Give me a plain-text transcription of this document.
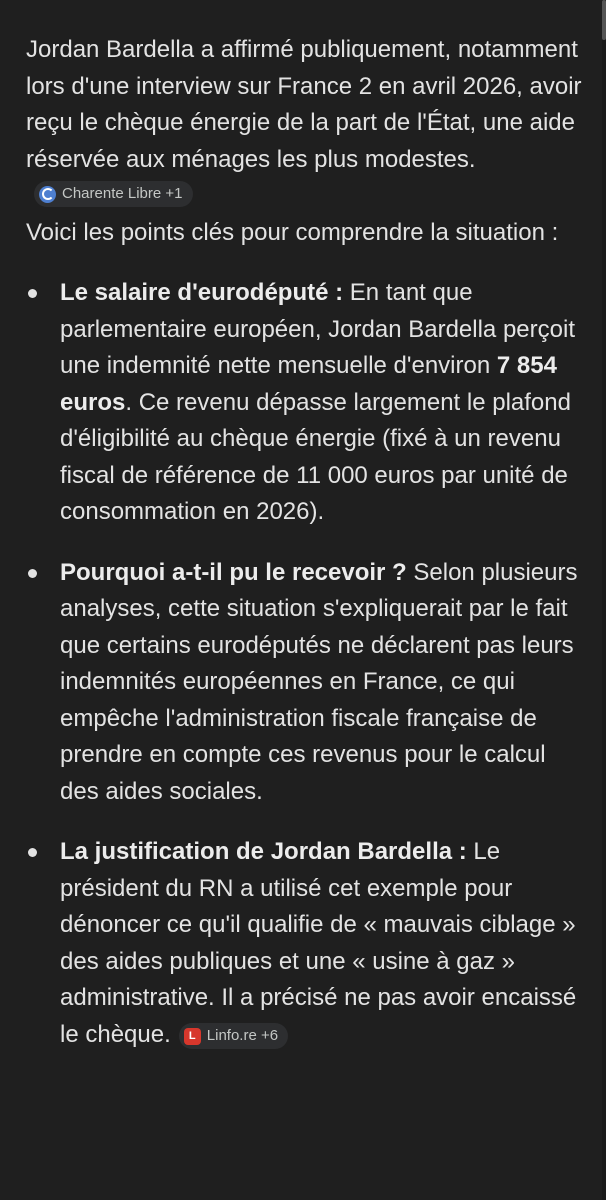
Jordan Bardella a affirmé publiquement, notamment lors d'une interview sur France 2 en avril 2026, avoir reçu le chèque énergie de la part de l'État, une aide réservée aux ménages les plus modestes.
Charente Libre +1

Voici les points clés pour comprendre la situation :

Le salaire d'eurodéputé : En tant que parlementaire européen, Jordan Bardella perçoit une indemnité nette mensuelle d'environ 7 854 euros. Ce revenu dépasse largement le plafond d'éligibilité au chèque énergie (fixé à un revenu fiscal de référence de 11 000 euros par unité de consommation en 2026).
Pourquoi a-t-il pu le recevoir ? Selon plusieurs analyses, cette situation s'expliquerait par le fait que certains eurodéputés ne déclarent pas leurs indemnités européennes en France, ce qui empêche l'administration fiscale française de prendre en compte ces revenus pour le calcul des aides sociales.
La justification de Jordan Bardella : Le président du RN a utilisé cet exemple pour dénoncer ce qu'il qualifie de « mauvais ciblage » des aides publiques et une « usine à gaz » administrative. Il a précisé ne pas avoir encaissé le chèque. L Linfo.re +6
